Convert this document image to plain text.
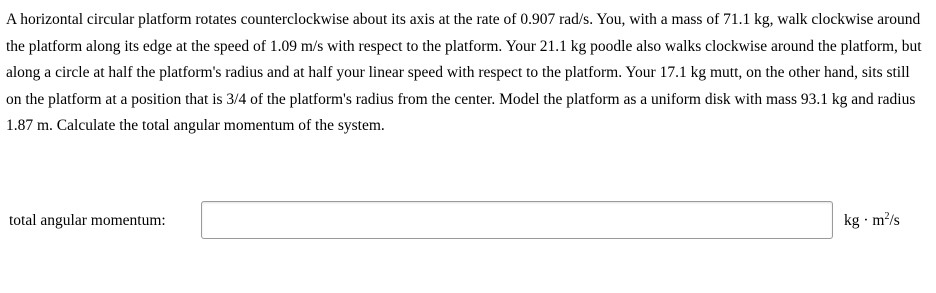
A horizontal circular platform rotates counterclockwise about its axis at the rate of 0.907 rad/s. You, with a mass of 71.1 kg, walk clockwise around the platform along its edge at the speed of 1.09 m/s with respect to the platform. Your 21.1 kg poodle also walks clockwise around the platform, but along a circle at half the platform's radius and at half your linear speed with respect to the platform. Your 17.1 kg mutt, on the other hand, sits still on the platform at a position that is 3/4 of the platform's radius from the center. Model the platform as a uniform disk with mass 93.1 kg and radius 1.87 m. Calculate the total angular momentum of the system.

total angular momentum:	kg · $m^2/s$
